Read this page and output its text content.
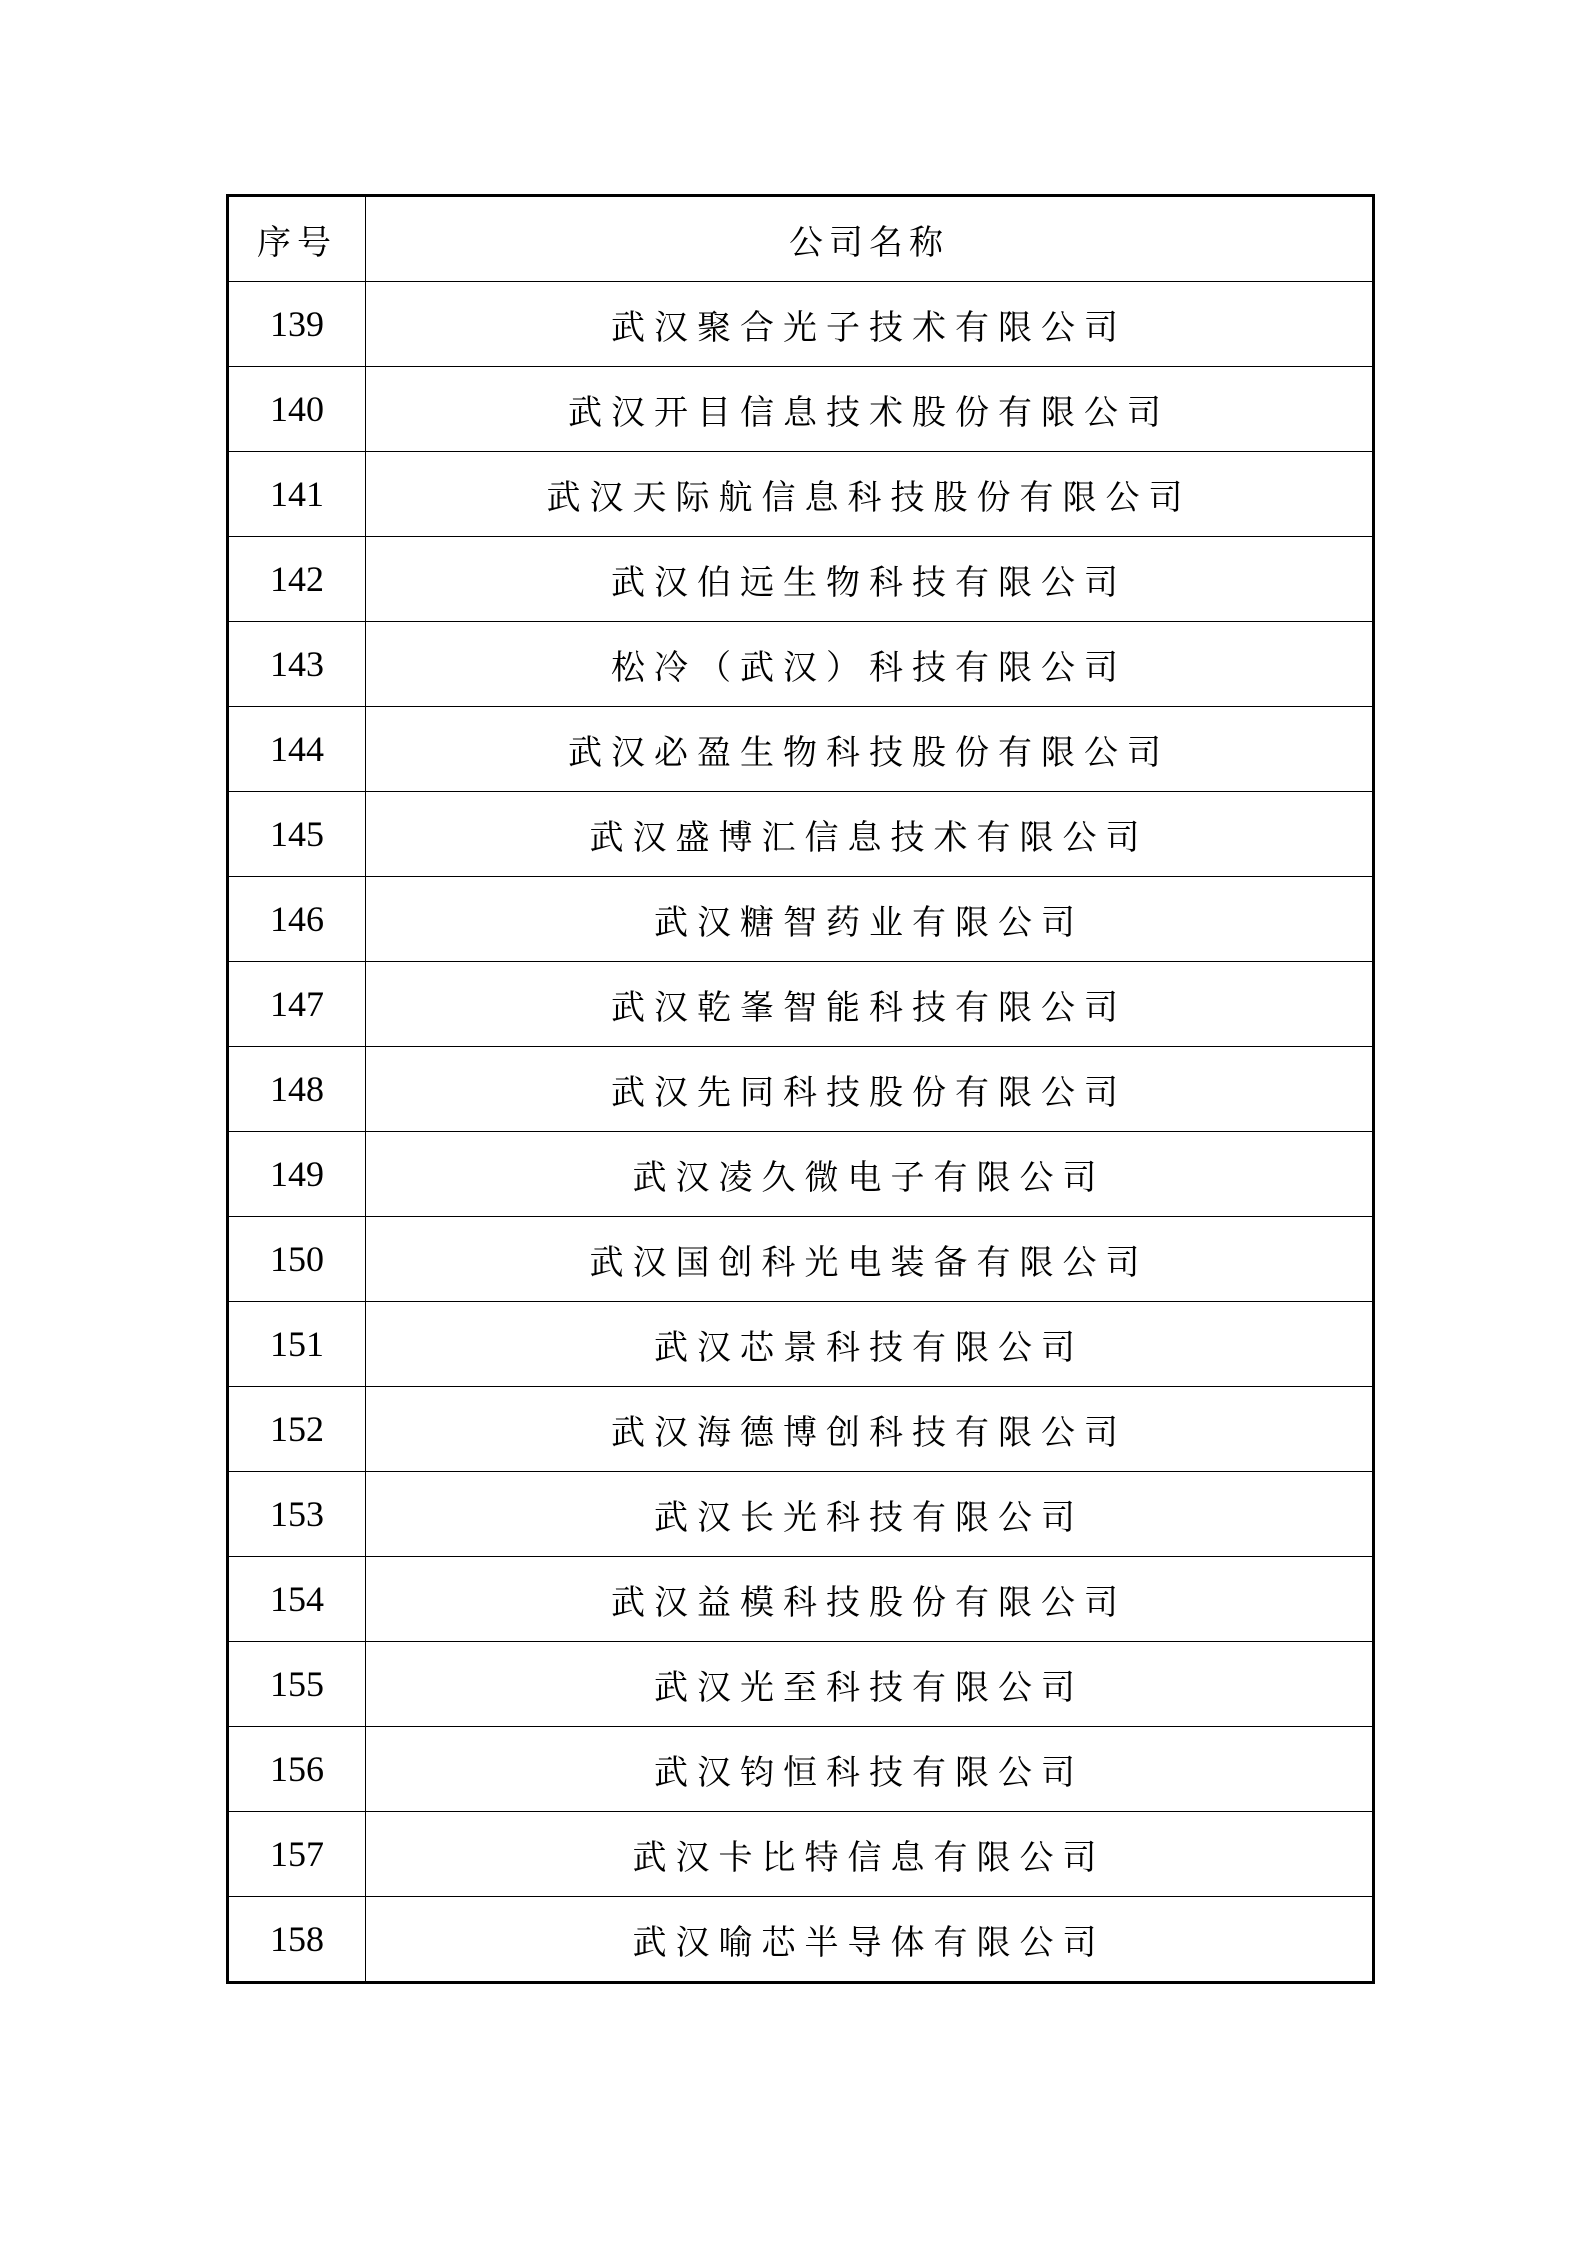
序号	公司名称
139	武汉聚合光子技术有限公司
140	武汉开目信息技术股份有限公司
141	武汉天际航信息科技股份有限公司
142	武汉伯远生物科技有限公司
143	松冷（武汉）科技有限公司
144	武汉必盈生物科技股份有限公司
145	武汉盛博汇信息技术有限公司
146	武汉糖智药业有限公司
147	武汉乾峯智能科技有限公司
148	武汉先同科技股份有限公司
149	武汉凌久微电子有限公司
150	武汉国创科光电装备有限公司
151	武汉芯景科技有限公司
152	武汉海德博创科技有限公司
153	武汉长光科技有限公司
154	武汉益模科技股份有限公司
155	武汉光至科技有限公司
156	武汉钧恒科技有限公司
157	武汉卡比特信息有限公司
158	武汉喻芯半导体有限公司
